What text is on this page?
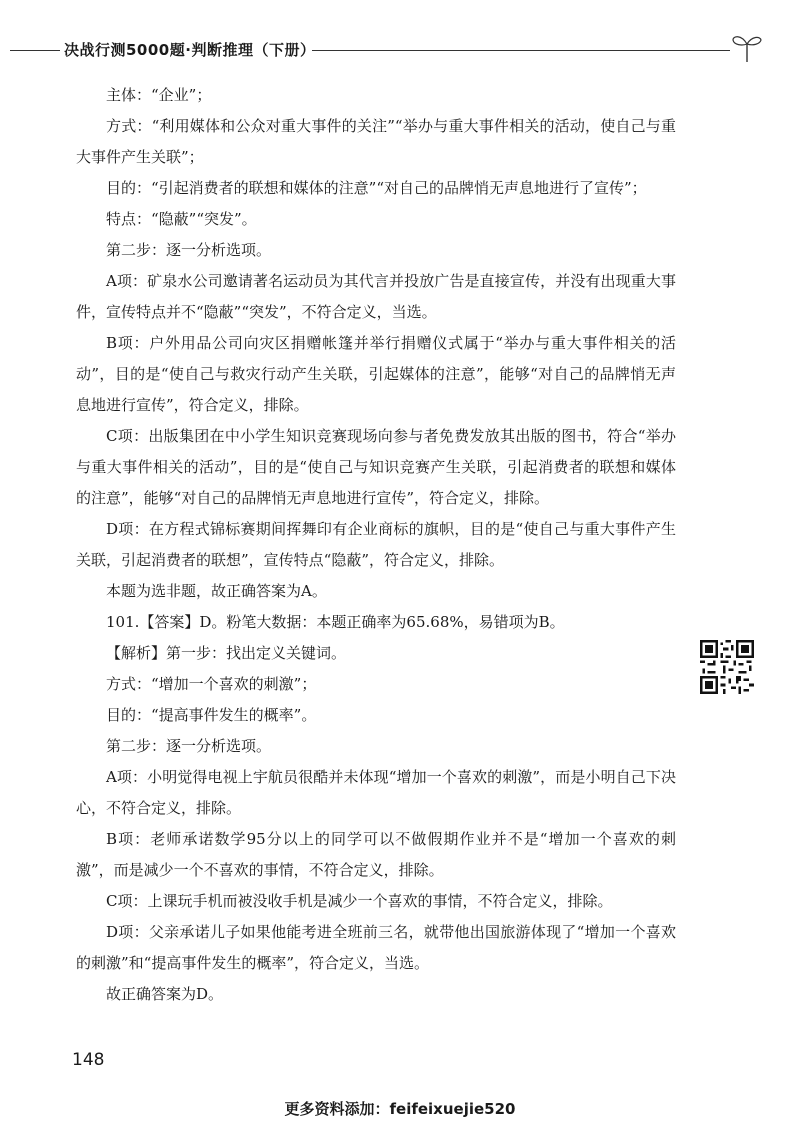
决战行测5000题·判断推理（下册）

主体：“企业”；

方式：“利用媒体和公众对重大事件的关注”“举办与重大事件相关的活动，使自己与重大事件产生关联”；

目的：“引起消费者的联想和媒体的注意”“对自己的品牌悄无声息地进行了宣传”；

特点：“隐蔽”“突发”。

第二步：逐一分析选项。

A项：矿泉水公司邀请著名运动员为其代言并投放广告是直接宣传，并没有出现重大事件，宣传特点并不“隐蔽”“突发”，不符合定义，当选。

B项：户外用品公司向灾区捐赠帐篷并举行捐赠仪式属于“举办与重大事件相关的活动”，目的是“使自己与救灾行动产生关联，引起媒体的注意”，能够“对自己的品牌悄无声息地进行宣传”，符合定义，排除。

C项：出版集团在中小学生知识竞赛现场向参与者免费发放其出版的图书，符合“举办与重大事件相关的活动”，目的是“使自己与知识竞赛产生关联，引起消费者的联想和媒体的注意”，能够“对自己的品牌悄无声息地进行宣传”，符合定义，排除。

D项：在方程式锦标赛期间挥舞印有企业商标的旗帜，目的是“使自己与重大事件产生关联，引起消费者的联想”，宣传特点“隐蔽”，符合定义，排除。

本题为选非题，故正确答案为A。

101.【答案】D。粉笔大数据：本题正确率为65.68%，易错项为B。

【解析】第一步：找出定义关键词。

方式：“增加一个喜欢的刺激”；

目的：“提高事件发生的概率”。

第二步：逐一分析选项。

A项：小明觉得电视上宇航员很酷并未体现“增加一个喜欢的刺激”，而是小明自己下决心，不符合定义，排除。

B项：老师承诺数学95分以上的同学可以不做假期作业并不是“增加一个喜欢的刺激”，而是减少一个不喜欢的事情，不符合定义，排除。

C项：上课玩手机而被没收手机是减少一个喜欢的事情，不符合定义，排除。

D项：父亲承诺儿子如果他能考进全班前三名，就带他出国旅游体现了“增加一个喜欢的刺激”和“提高事件发生的概率”，符合定义，当选。

故正确答案为D。

148
更多资料添加：feifeixuejie520
